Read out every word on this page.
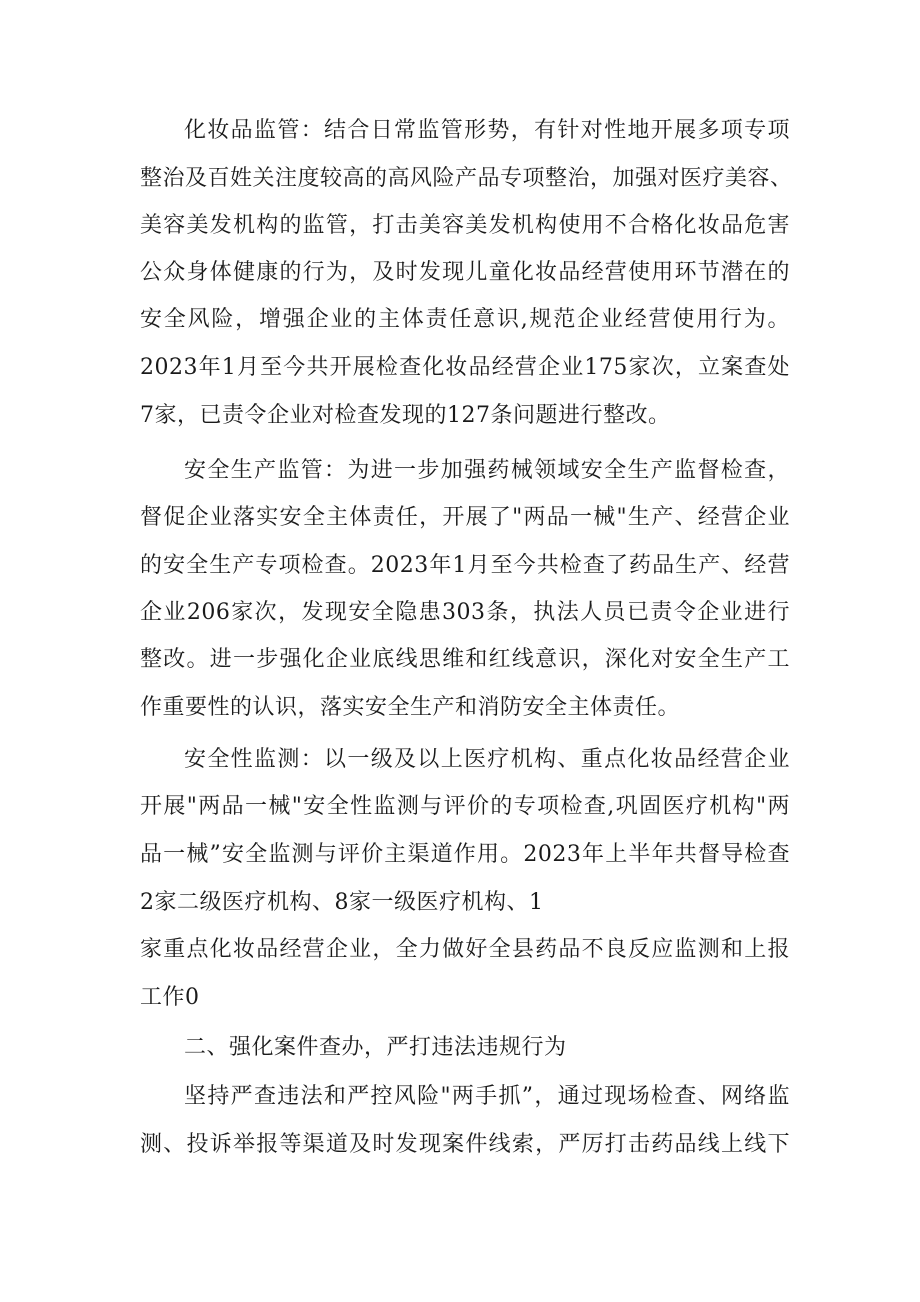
化妆品监管：结合日常监管形势，有针对性地开展多项专项
整治及百姓关注度较高的高风险产品专项整治，加强对医疗美容、
美容美发机构的监管，打击美容美发机构使用不合格化妆品危害
公众身体健康的行为，及时发现儿童化妆品经营使用环节潜在的
安全风险，增强企业的主体责任意识,规范企业经营使用行为。
2023年1月至今共开展检查化妆品经营企业175家次，立案查处
7家，已责令企业对检查发现的127条问题进行整改。
安全生产监管：为进一步加强药械领域安全生产监督检查，
督促企业落实安全主体责任，开展了"两品一械"生产、经营企业
的安全生产专项检查。2023年1月至今共检查了药品生产、经营
企业206家次，发现安全隐患303条，执法人员已责令企业进行
整改。进一步强化企业底线思维和红线意识，深化对安全生产工
作重要性的认识，落实安全生产和消防安全主体责任。
安全性监测：以一级及以上医疗机构、重点化妆品经营企业
开展"两品一械"安全性监测与评价的专项检查,巩固医疗机构"两
品一械”安全监测与评价主渠道作用。2023年上半年共督导检查
2家二级医疗机构、8家一级医疗机构、1
家重点化妆品经营企业，全力做好全县药品不良反应监测和上报
工作0
二、强化案件查办，严打违法违规行为
坚持严查违法和严控风险"两手抓”，通过现场检查、网络监
测、投诉举报等渠道及时发现案件线索，严厉打击药品线上线下
